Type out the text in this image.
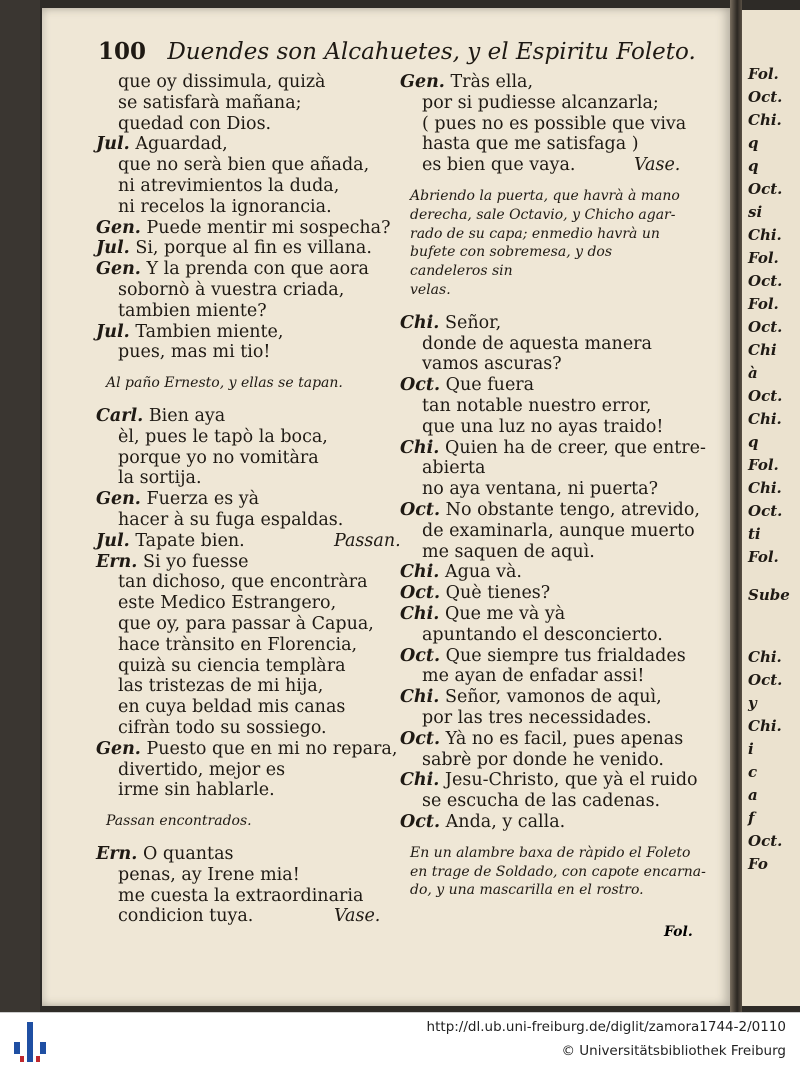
Fol.
Oct.
Chi.
q
q
Oct.
si
Chi.
Fol.
Oct.
Fol.
Oct.
Chi
à
Oct.
Chi.
q
Fol.
Chi.
Oct.
ti
Fol.
Sube
Chi.
Oct.
y
Chi.
i
c
a
f
Oct.
Fo
100 Duendes son Alcahuetes, y el Espiritu Foleto.
que oy dissimula, quizà
se satisfarà mañana;
quedad con Dios.
Jul. Aguardad,
que no serà bien que añada,
ni atrevimientos la duda,
ni recelos la ignorancia.
Gen. Puede mentir mi sospecha?
Jul. Si, porque al fin es villana.
Gen. Y la prenda con que aora
sobornò à vuestra criada,
tambien miente?
Jul. Tambien miente,
pues, mas mi tio!
Al paño Ernesto, y ellas se tapan.
Carl. Bien aya
èl, pues le tapò la boca,
porque yo no vomitàra
la sortija.
Gen. Fuerza es yà
hacer à su fuga espaldas.
Jul. Tapate bien.	Passan.
Ern. Si yo fuesse
tan dichoso, que encontràra
este Medico Estrangero,
que oy, para passar à Capua,
hace trànsito en Florencia,
quizà su ciencia templàra
las tristezas de mi hija,
en cuya beldad mis canas
cifràn todo su sossiego.
Gen. Puesto que en mi no repara,
divertido, mejor es
irme sin hablarle.
Passan encontrados.
Ern. O quantas
penas, ay Irene mia!
me cuesta la extraordinaria
condicion tuya.	Vase.
Gen. Tràs ella,
por si pudiesse alcanzarla;
( pues no es possible que viva
hasta que me satisfaga )
es bien que vaya.	Vase.
Abriendo la puerta, que havrà à mano
derecha, sale Octavio, y Chicho agar-
rado de su capa; enmedio havrà un
bufete con sobremesa, y dos
candeleros sin
velas.
Chi. Señor,
donde de aquesta manera
vamos ascuras?
Oct. Que fuera
tan notable nuestro error,
que una luz no ayas traido!
Chi. Quien ha de creer, que entre-
abierta
no aya ventana, ni puerta?
Oct. No obstante tengo, atrevido,
de examinarla, aunque muerto
me saquen de aquì.
Chi. Agua và.
Oct. Què tienes?
Chi. Que me và yà
apuntando el desconcierto.
Oct. Que siempre tus frialdades
me ayan de enfadar assi!
Chi. Señor, vamonos de aquì,
por las tres necessidades.
Oct. Yà no es facil, pues apenas
sabrè por donde he venido.
Chi. Jesu-Christo, que yà el ruido
se escucha de las cadenas.
Oct. Anda, y calla.
En un alambre baxa de ràpido el Foleto
en trage de Soldado, con capote encarna-
do, y una mascarilla en el rostro.
Fol.
http://dl.ub.uni-freiburg.de/diglit/zamora1744-2/0110
© Universitätsbibliothek Freiburg
